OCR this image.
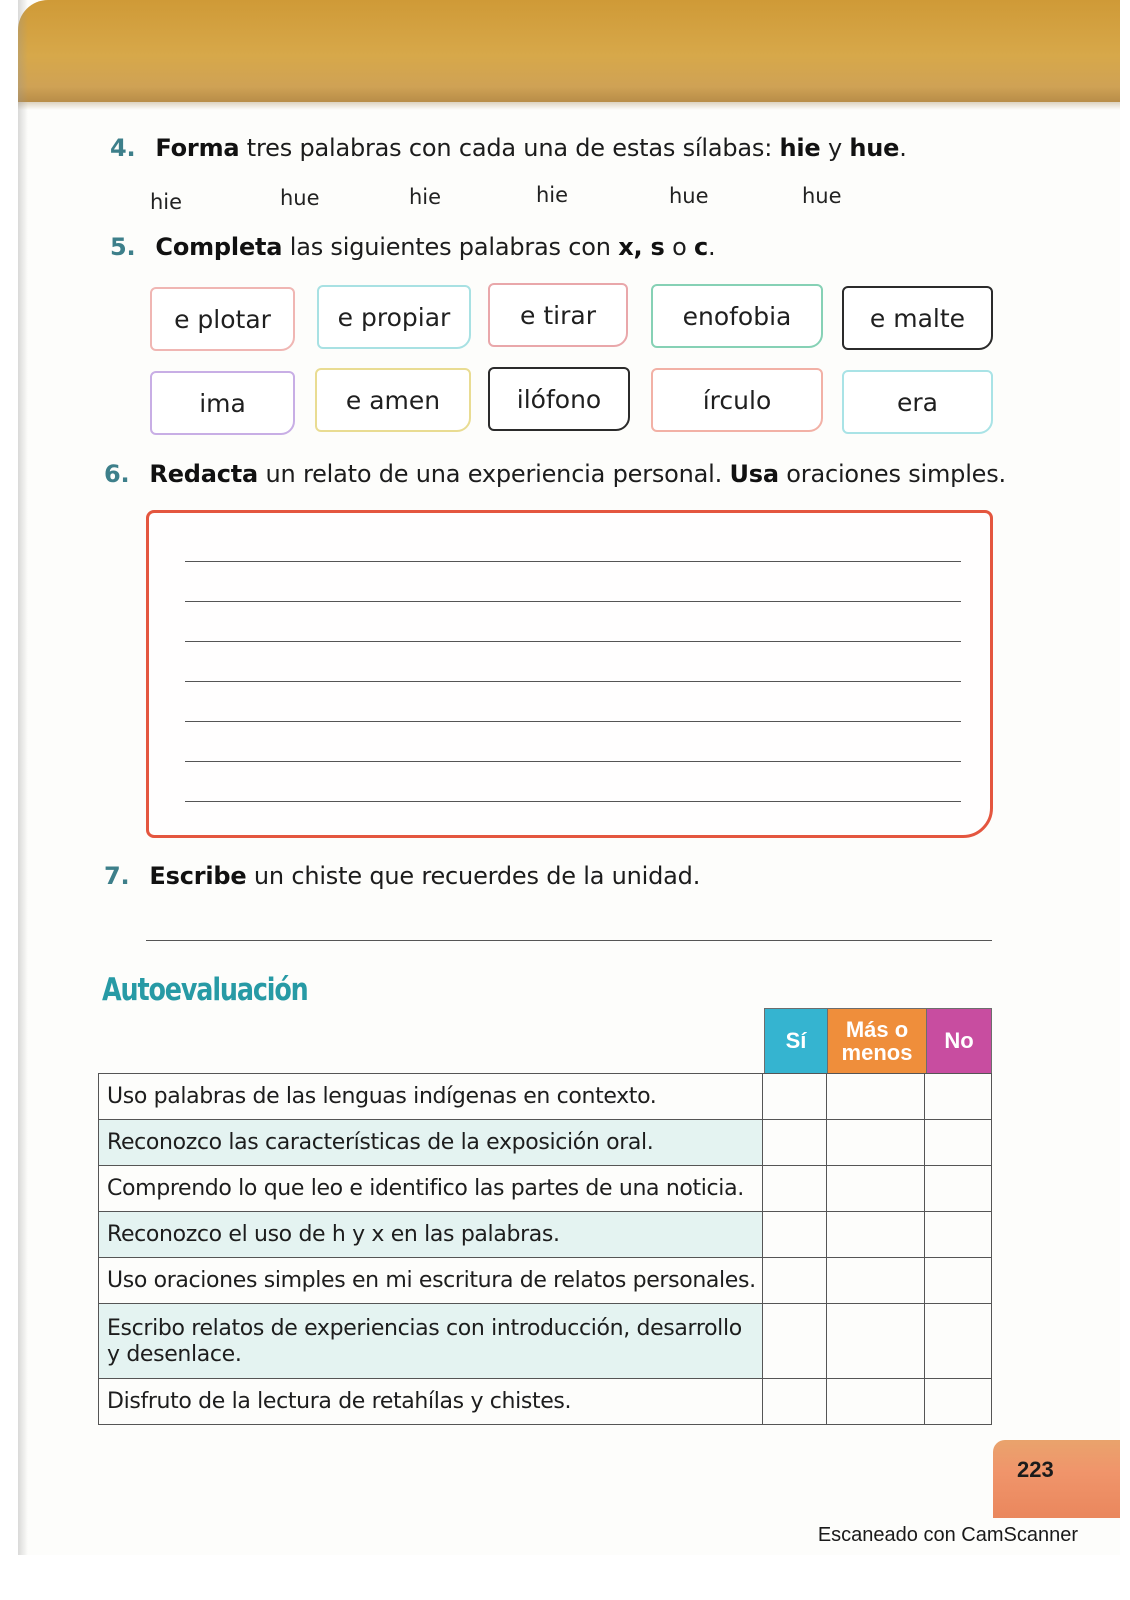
4. Forma tres palabras con cada una de estas sílabas: hie y hue.
hie	hue	hie	hie	hue	hue
5. Completa las siguientes palabras con x, s o c.
e plotar	e propiar	e tirar	enofobia	e malte
ima	e amen	ilófono	írculo	era
6. Redacta un relato de una experiencia personal. Usa oraciones simples.
7. Escribe un chiste que recuerdes de la unidad.
Autoevaluación
Sí	Más o menos	No
Uso palabras de las lenguas indígenas en contexto.			
Reconozco las características de la exposición oral.			
Comprendo lo que leo e identifico las partes de una noticia.			
Reconozco el uso de h y x en las palabras.			
Uso oraciones simples en mi escritura de relatos personales.			
Escribo relatos de experiencias con introducción, desarrollo y desenlace.			
Disfruto de la lectura de retahílas y chistes.			
223
Escaneado con CamScanner
